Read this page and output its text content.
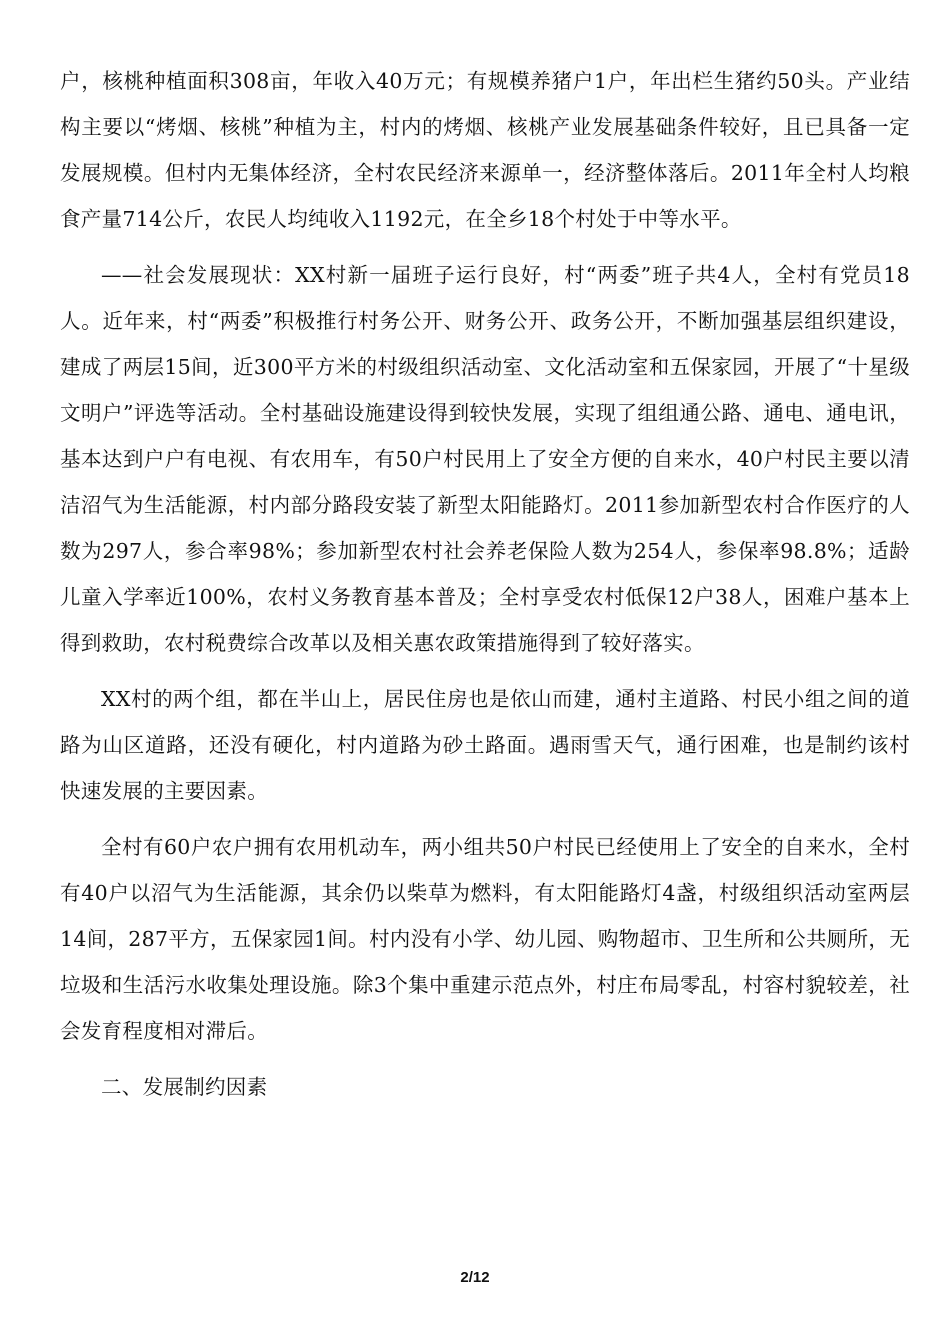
户，核桃种植面积308亩，年收入40万元；有规模养猪户1户，年出栏生猪约50头。产业结构主要以“烤烟、核桃”种植为主，村内的烤烟、核桃产业发展基础条件较好，且已具备一定发展规模。但村内无集体经济，全村农民经济来源单一，经济整体落后。2011年全村人均粮食产量714公斤，农民人均纯收入1192元，在全乡18个村处于中等水平。

——社会发展现状：XX村新一届班子运行良好，村“两委”班子共4人，全村有党员18人。近年来，村“两委”积极推行村务公开、财务公开、政务公开，不断加强基层组织建设，建成了两层15间，近300平方米的村级组织活动室、文化活动室和五保家园，开展了“十星级文明户”评选等活动。全村基础设施建设得到较快发展，实现了组组通公路、通电、通电讯，基本达到户户有电视、有农用车，有50户村民用上了安全方便的自来水，40户村民主要以清洁沼气为生活能源，村内部分路段安装了新型太阳能路灯。2011参加新型农村合作医疗的人数为297人，参合率98%；参加新型农村社会养老保险人数为254人，参保率98.8%；适龄儿童入学率近100%，农村义务教育基本普及；全村享受农村低保12户38人，困难户基本上得到救助，农村税费综合改革以及相关惠农政策措施得到了较好落实。

XX村的两个组，都在半山上，居民住房也是依山而建，通村主道路、村民小组之间的道路为山区道路，还没有硬化，村内道路为砂土路面。遇雨雪天气，通行困难，也是制约该村快速发展的主要因素。

全村有60户农户拥有农用机动车，两小组共50户村民已经使用上了安全的自来水，全村有40户以沼气为生活能源，其余仍以柴草为燃料，有太阳能路灯4盏，村级组织活动室两层14间，287平方，五保家园1间。村内没有小学、幼儿园、购物超市、卫生所和公共厕所，无垃圾和生活污水收集处理设施。除3个集中重建示范点外，村庄布局零乱，村容村貌较差，社会发育程度相对滞后。

二、发展制约因素

2/12
